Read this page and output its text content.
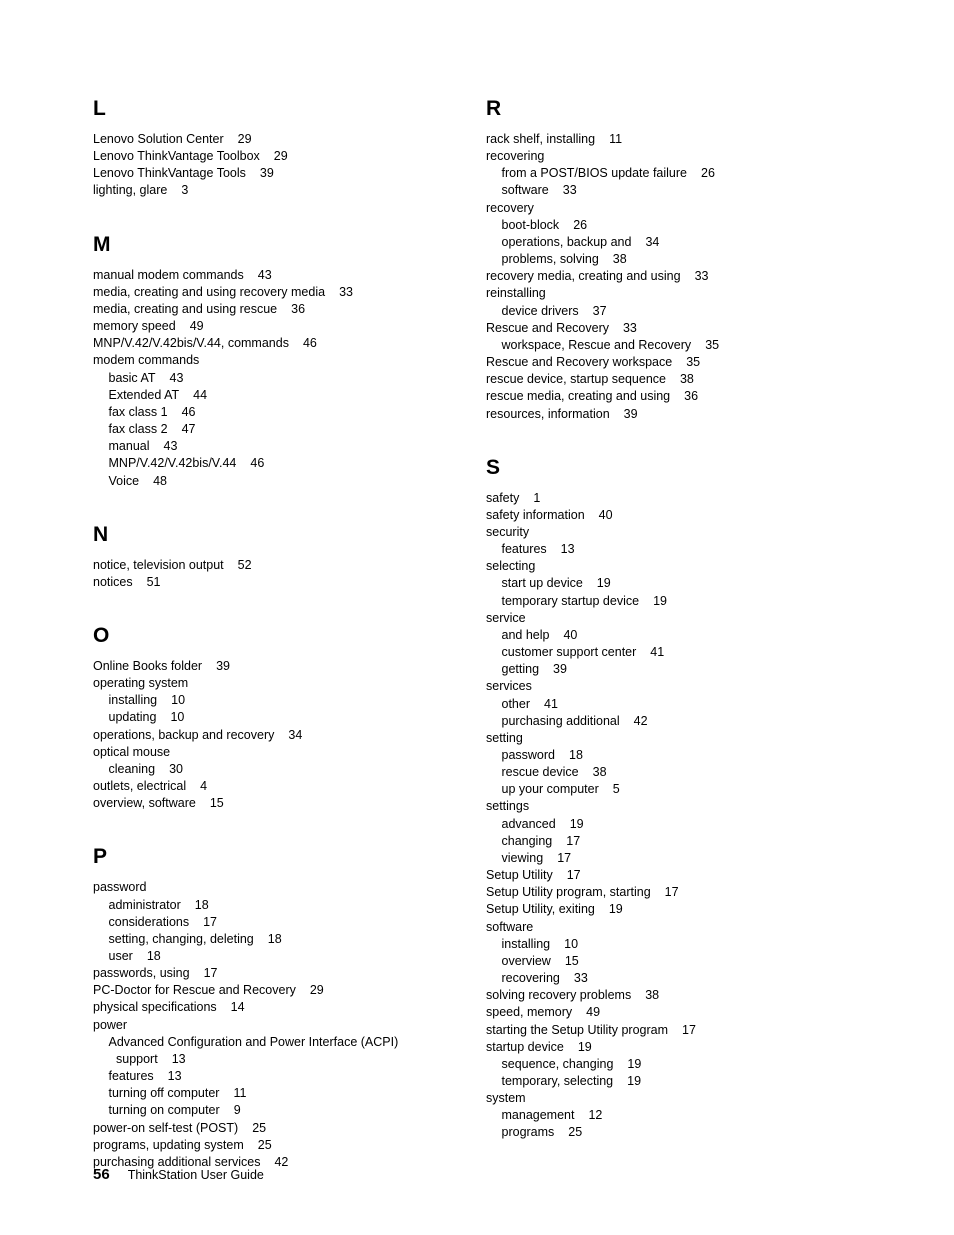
L
Lenovo Solution Center 29
Lenovo ThinkVantage Toolbox 29
Lenovo ThinkVantage Tools 39
lighting, glare 3
M
manual modem commands 43
media, creating and using recovery media 33
media, creating and using rescue 36
memory speed 49
MNP/V.42/V.42bis/V.44, commands 46
modem commands
basic AT 43
Extended AT 44
fax class 1 46
fax class 2 47
manual 43
MNP/V.42/V.42bis/V.44 46
Voice 48
N
notice, television output 52
notices 51
O
Online Books folder 39
operating system
installing 10
updating 10
operations, backup and recovery 34
optical mouse
cleaning 30
outlets, electrical 4
overview, software 15
P
password
administrator 18
considerations 17
setting, changing, deleting 18
user 18
passwords, using 17
PC-Doctor for Rescue and Recovery 29
physical specifications 14
power
Advanced Configuration and Power Interface (ACPI)
support 13
features 13
turning off computer 11
turning on computer 9
power-on self-test (POST) 25
programs, updating system 25
purchasing additional services 42
R
rack shelf, installing 11
recovering
from a POST/BIOS update failure 26
software 33
recovery
boot-block 26
operations, backup and 34
problems, solving 38
recovery media, creating and using 33
reinstalling
device drivers 37
Rescue and Recovery 33
workspace, Rescue and Recovery 35
Rescue and Recovery workspace 35
rescue device, startup sequence 38
rescue media, creating and using 36
resources, information 39
S
safety 1
safety information 40
security
features 13
selecting
start up device 19
temporary startup device 19
service
and help 40
customer support center 41
getting 39
services
other 41
purchasing additional 42
setting
password 18
rescue device 38
up your computer 5
settings
advanced 19
changing 17
viewing 17
Setup Utility 17
Setup Utility program, starting 17
Setup Utility, exiting 19
software
installing 10
overview 15
recovering 33
solving recovery problems 38
speed, memory 49
starting the Setup Utility program 17
startup device 19
sequence, changing 19
temporary, selecting 19
system
management 12
programs 25
56 ThinkStation User Guide
